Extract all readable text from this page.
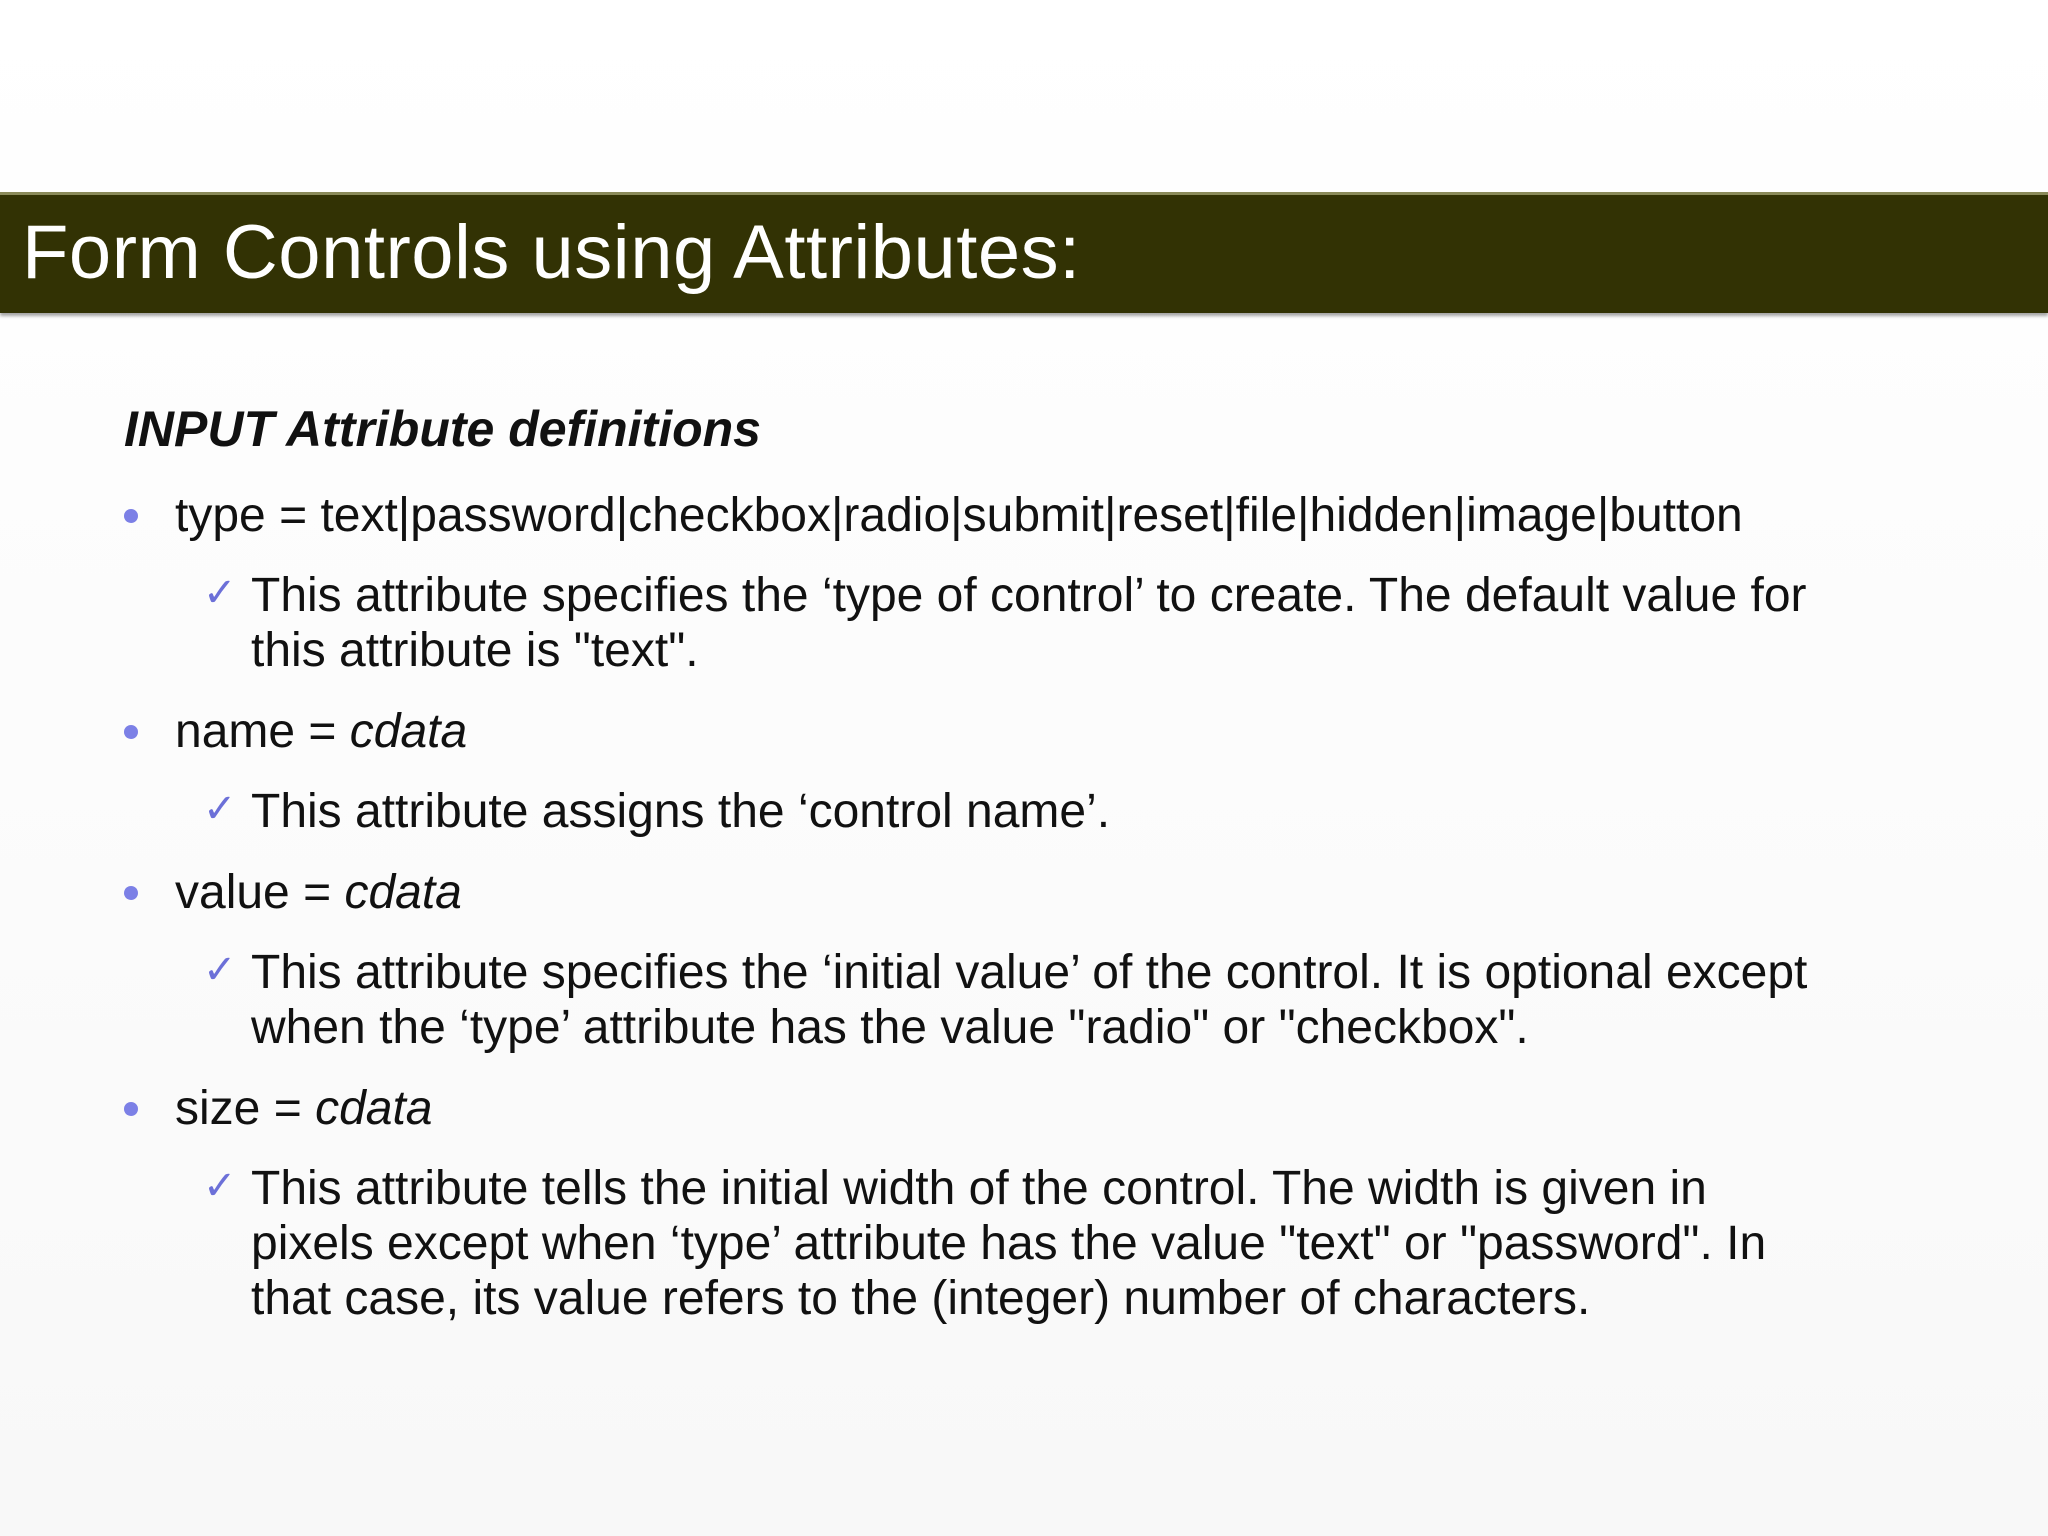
Form Controls using Attributes:
INPUT Attribute definitions
type = text|password|checkbox|radio|submit|reset|file|hidden|image|button
✓ This attribute specifies the ‘type of control’ to create. The default value for
this attribute is "text".
name = cdata
✓ This attribute assigns the ‘control name’.
value = cdata
✓ This attribute specifies the ‘initial value’ of the control. It is optional except
when the ‘type’ attribute has the value "radio" or "checkbox".
size = cdata
✓ This attribute tells the initial width of the control. The width is given in
pixels except when ‘type’ attribute has the value "text" or "password". In
that case, its value refers to the (integer) number of characters.
